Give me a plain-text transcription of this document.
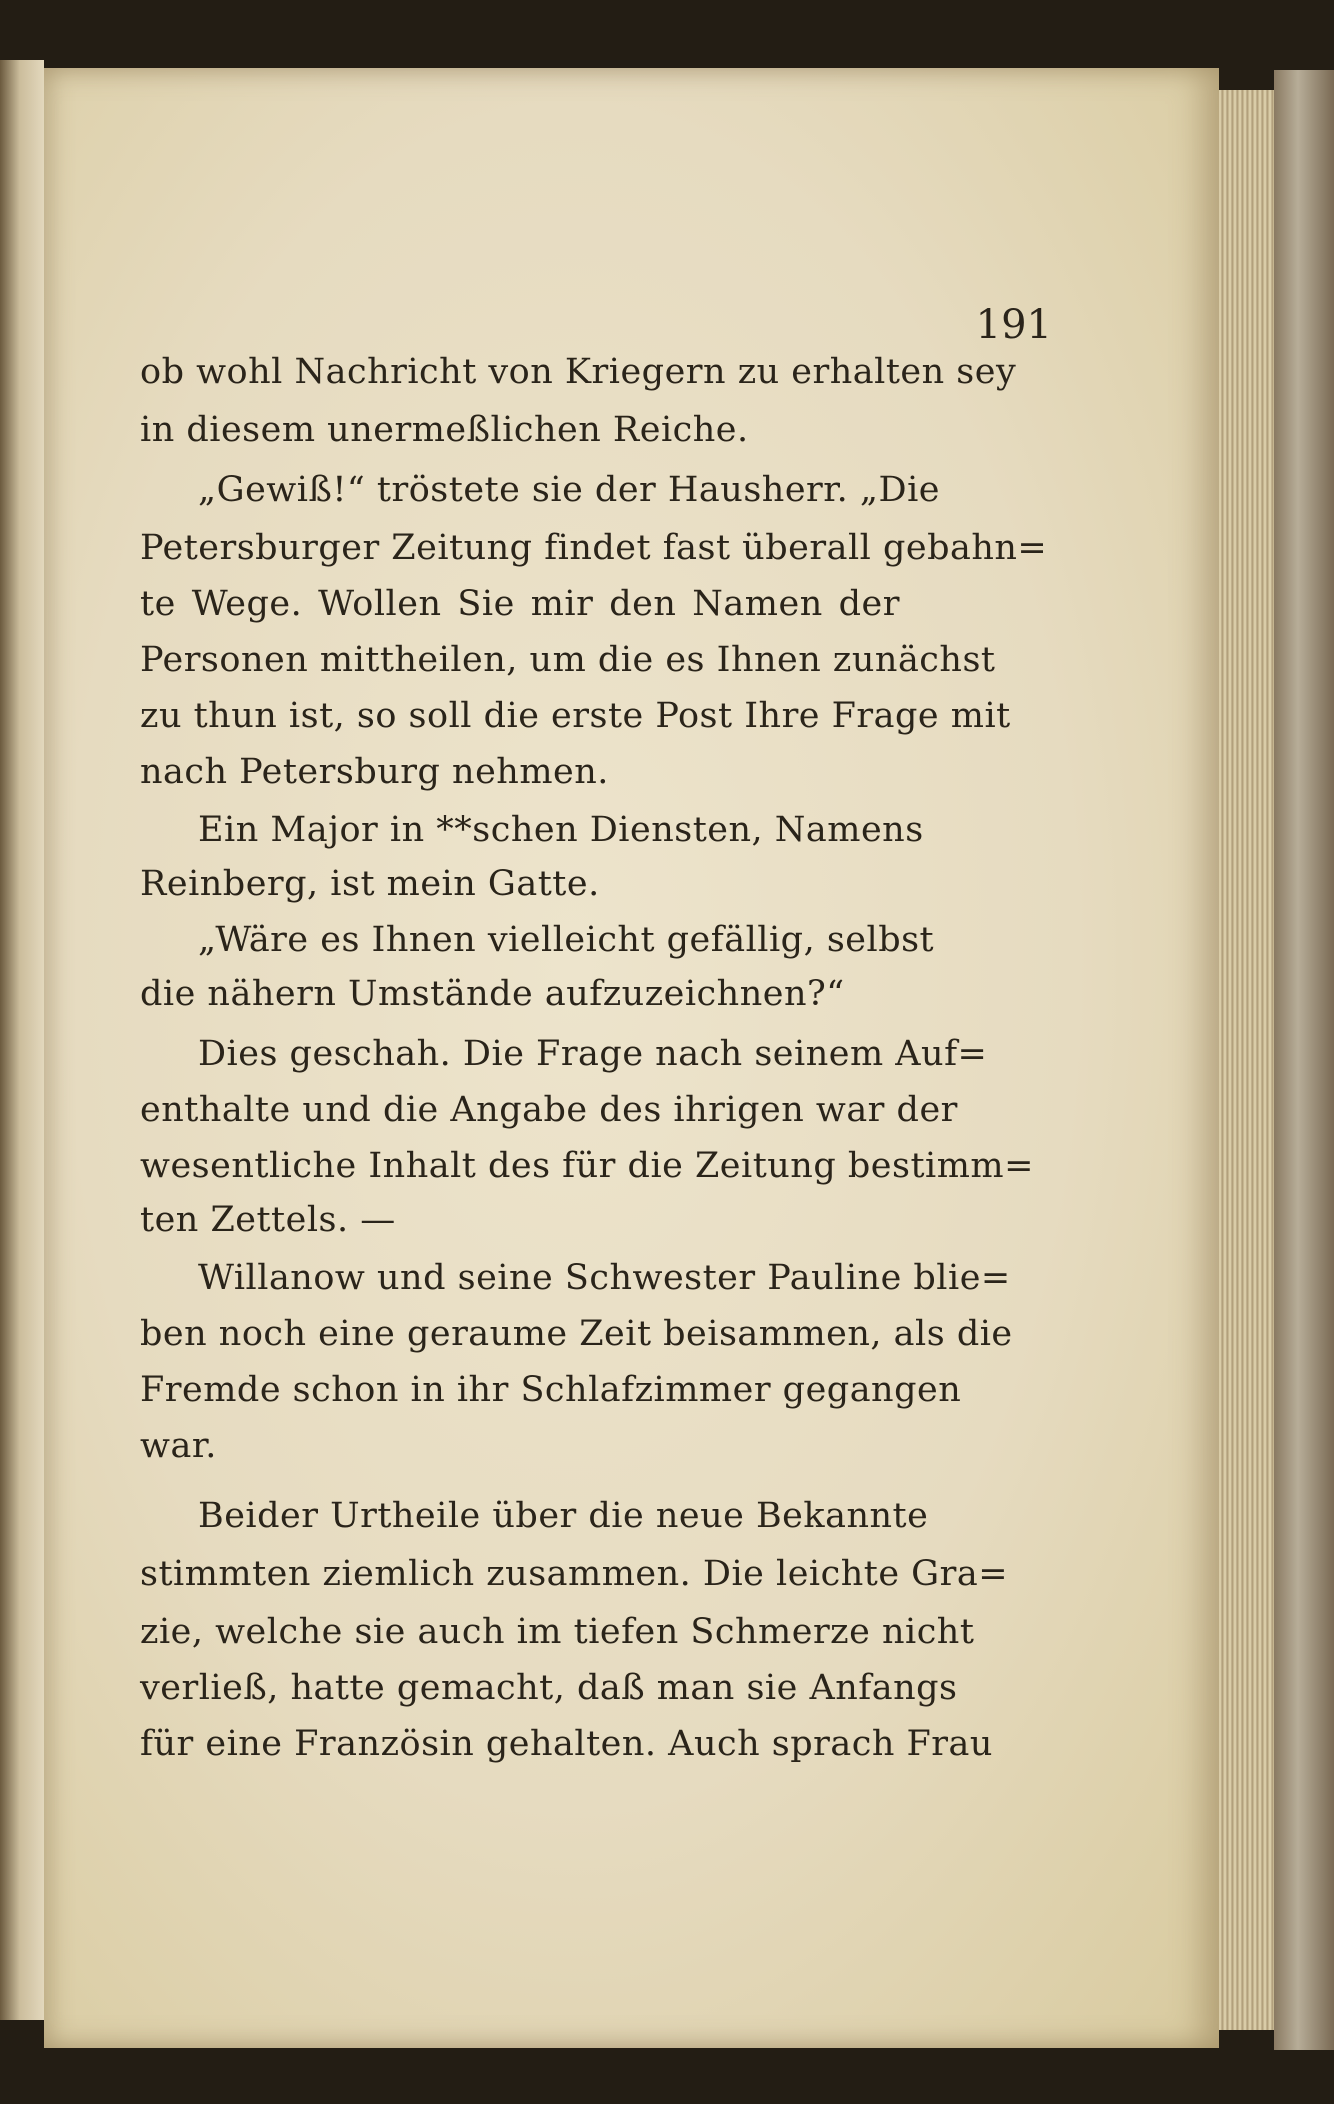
191
ob wohl Nachricht von Kriegern zu erhalten sey
in diesem unermeßlichen Reiche.
„Gewiß!“ tröstete sie der Hausherr. „Die
Petersburger Zeitung findet fast überall gebahn=
te Wege. Wollen Sie mir den Namen der
Personen mittheilen, um die es Ihnen zunächst
zu thun ist, so soll die erste Post Ihre Frage mit
nach Petersburg nehmen.
Ein Major in **schen Diensten, Namens
Reinberg, ist mein Gatte.
„Wäre es Ihnen vielleicht gefällig, selbst
die nähern Umstände aufzuzeichnen?“
Dies geschah. Die Frage nach seinem Auf=
enthalte und die Angabe des ihrigen war der
wesentliche Inhalt des für die Zeitung bestimm=
ten Zettels. —
Willanow und seine Schwester Pauline blie=
ben noch eine geraume Zeit beisammen, als die
Fremde schon in ihr Schlafzimmer gegangen
war.
Beider Urtheile über die neue Bekannte
stimmten ziemlich zusammen. Die leichte Gra=
zie, welche sie auch im tiefen Schmerze nicht
verließ, hatte gemacht, daß man sie Anfangs
für eine Französin gehalten. Auch sprach Frau
